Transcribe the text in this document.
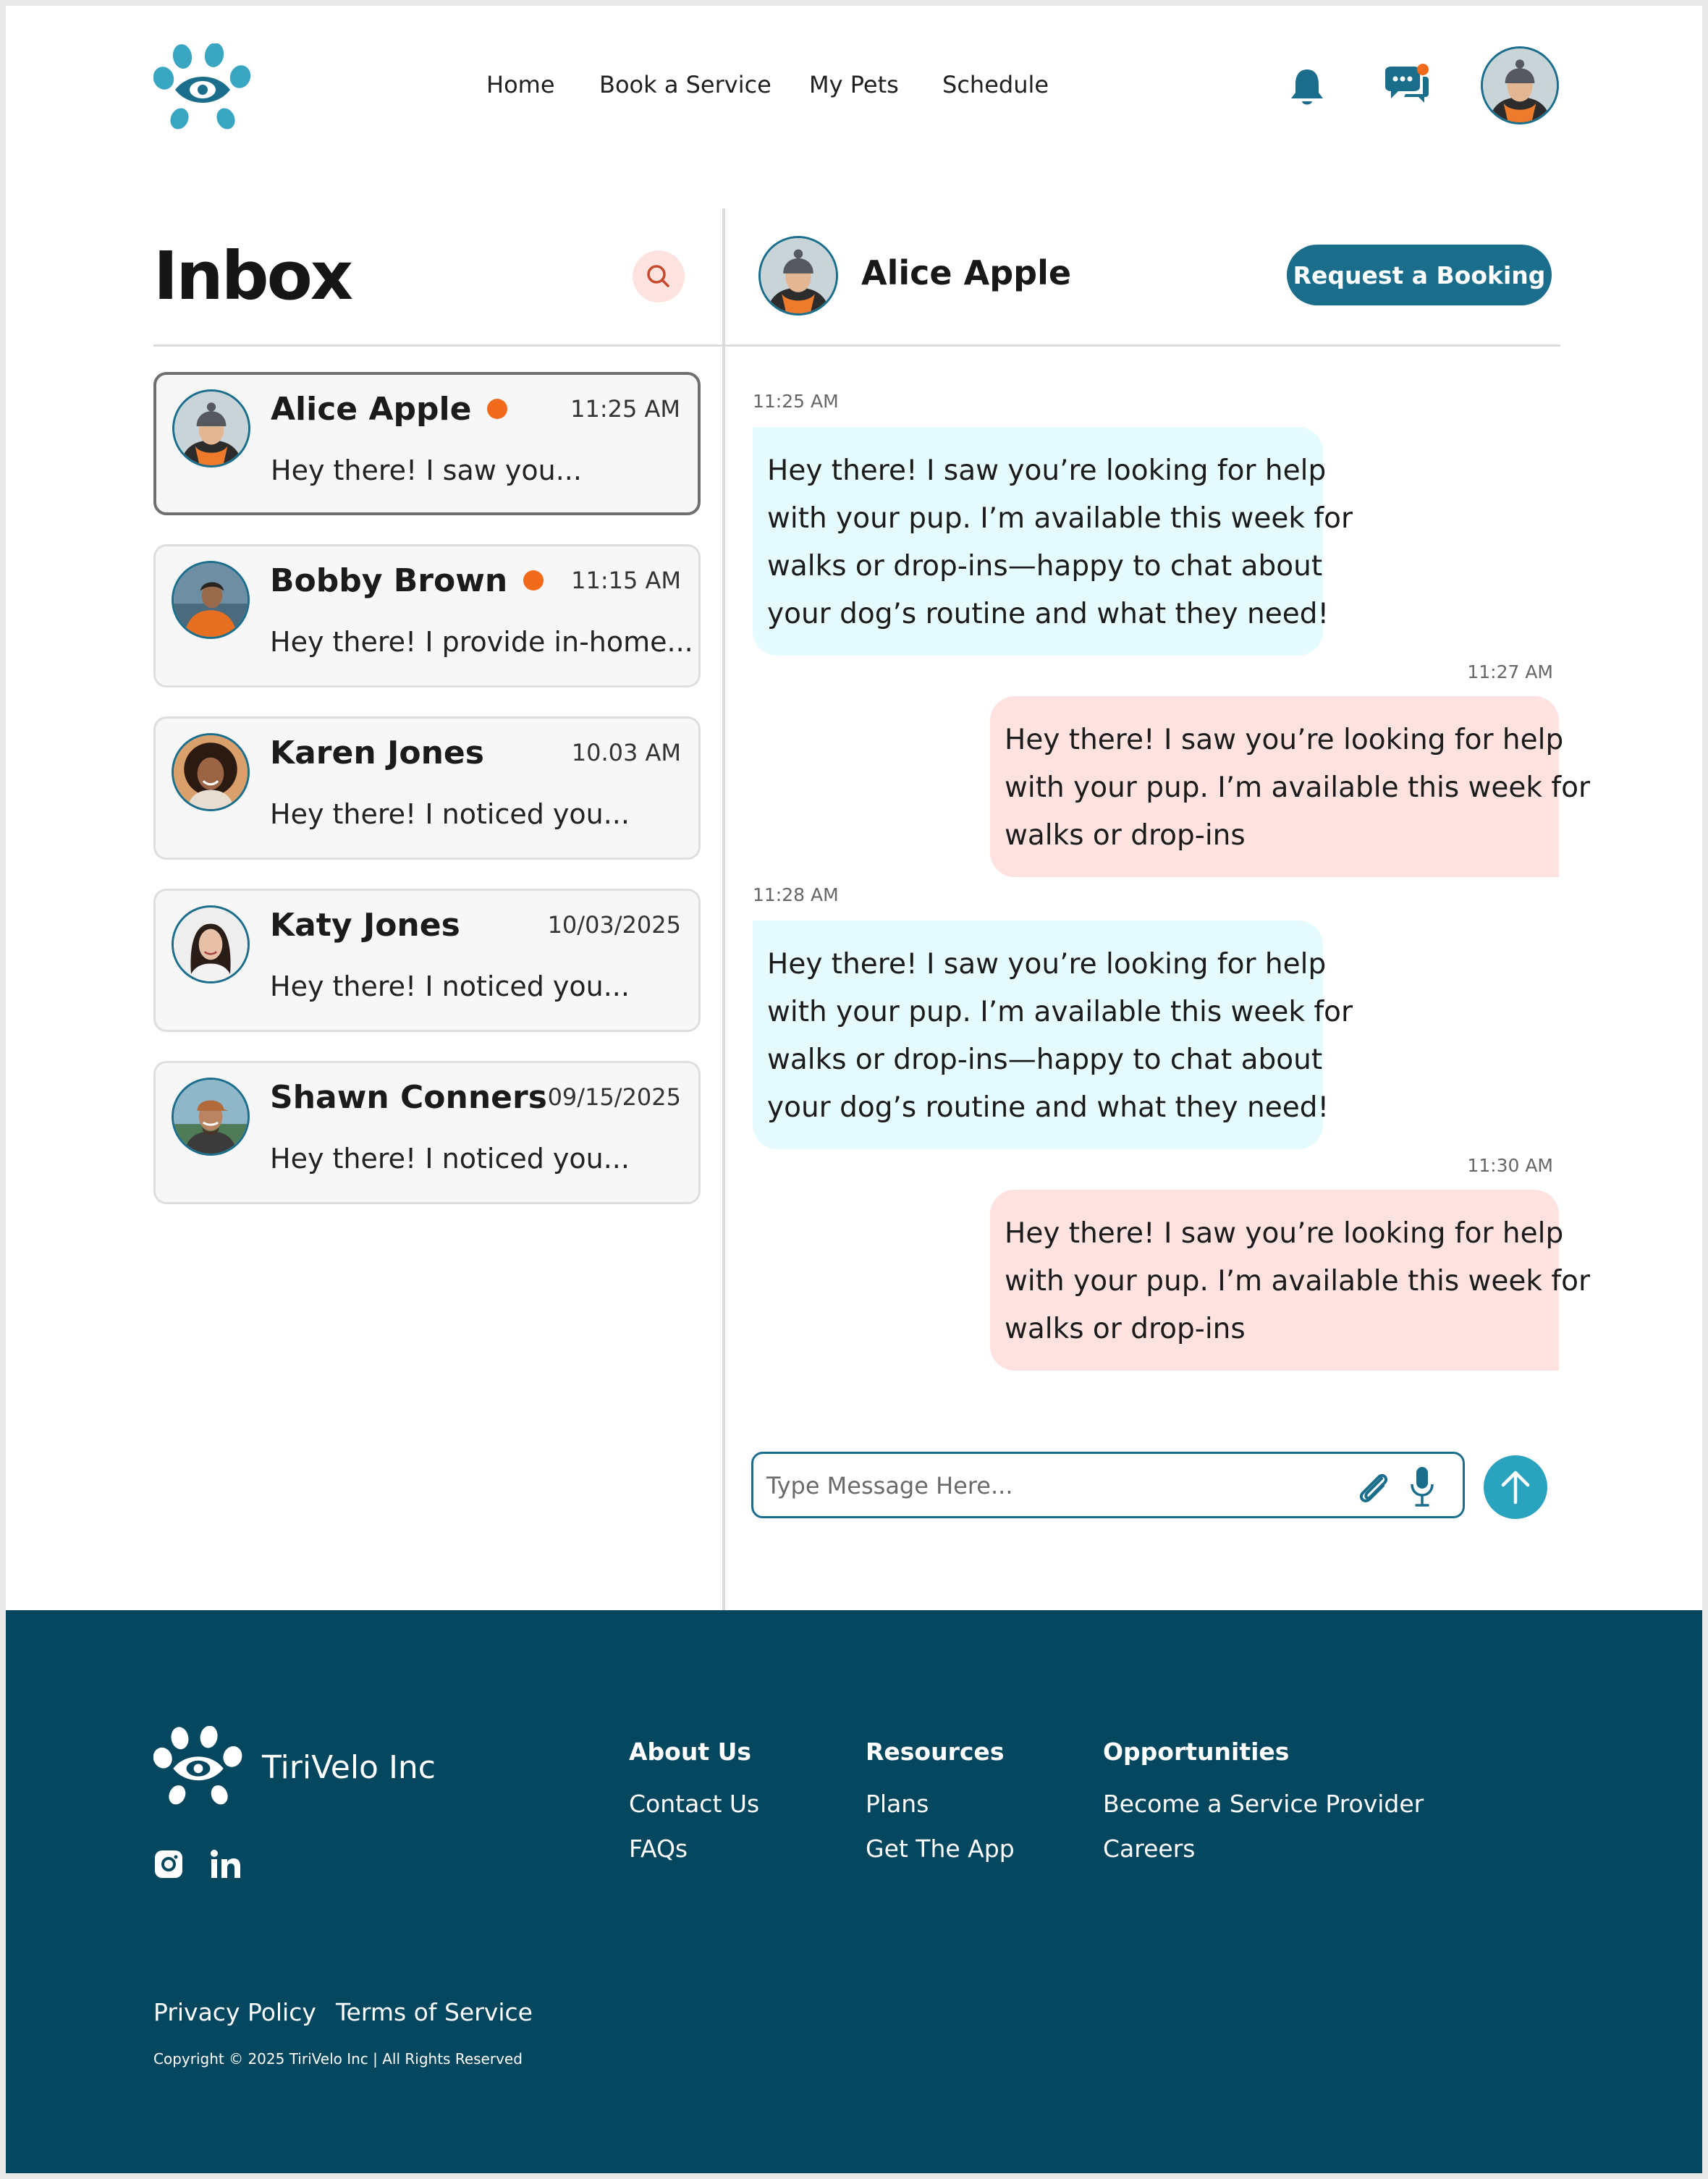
Home Book a Service My Pets Schedule
Inbox
Alice Apple	11:25 AM
Hey there! I saw you...
Bobby Brown	11:15 AM
Hey there! I provide in-home...
Karen Jones	10.03 AM
Hey there! I noticed you...
Katy Jones	10/03/2025
Hey there! I noticed you...
Shawn Conners 09/15/2025
Hey there! I noticed you...
Alice Apple	Request a Booking
11:25 AM
Hey there! I saw you’re looking for help
with your pup. I’m available this week for
walks or drop-ins—happy to chat about
your dog’s routine and what they need!
11:27 AM
Hey there! I saw you’re looking for help
with your pup. I’m available this week for
walks or drop-ins
11:28 AM
Hey there! I saw you’re looking for help
with your pup. I’m available this week for
walks or drop-ins—happy to chat about
your dog’s routine and what they need!
11:30 AM
Hey there! I saw you’re looking for help
with your pup. I’m available this week for
walks or drop-ins
Type Message Here...
TiriVelo Inc	About Us
Contact Us
FAQs
Resources
Plans
Get The App
Opportunities
Become a Service Provider
Careers
Privacy Policy Terms of Service
Copyright © 2025 TiriVelo Inc | All Rights Reserved
